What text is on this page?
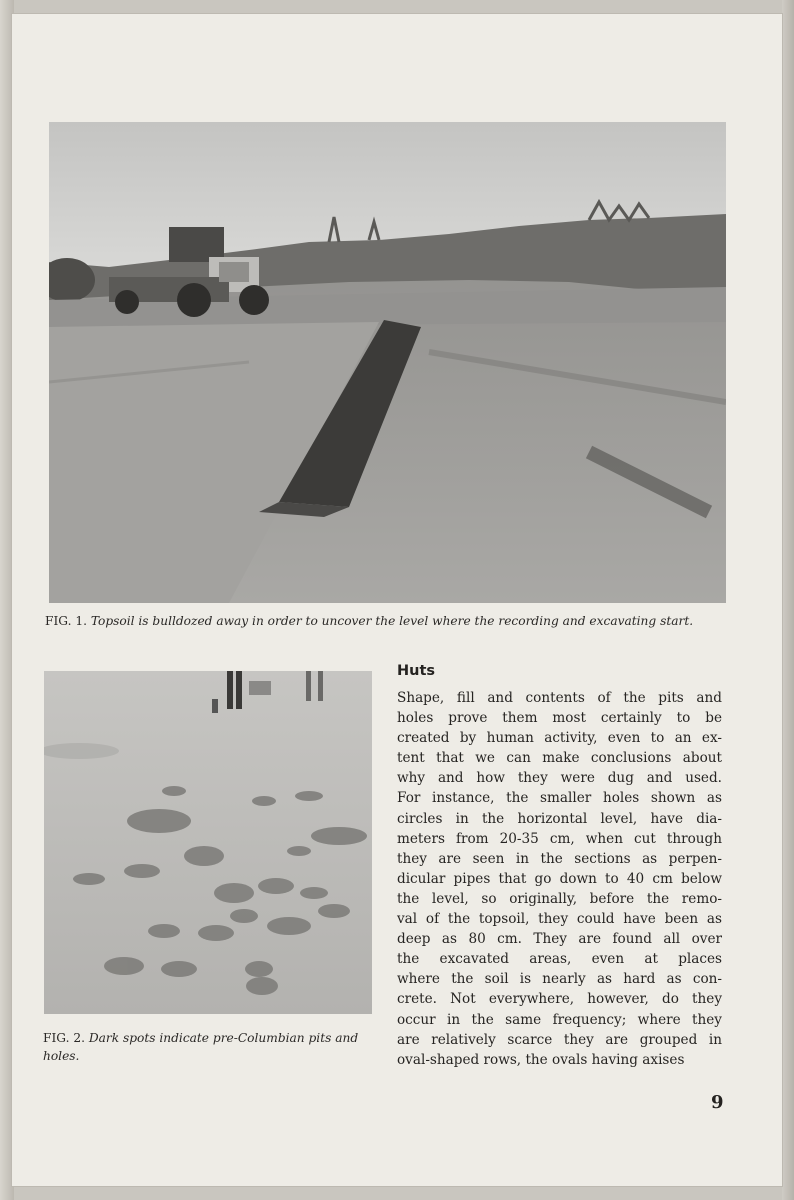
FIG. 1. Topsoil is bulldozed away in order to uncover the level where the recording and excavating start.
FIG. 2. Dark spots indicate pre-Columbian pits and holes.
Huts
Shape, fill and contents of the pits and
holes prove them most certainly to be
created by human activity, even to an ex-
tent that we can make conclusions about
why and how they were dug and used.
For instance, the smaller holes shown as
circles in the horizontal level, have dia-
meters from 20-35 cm, when cut through
they are seen in the sections as perpen-
dicular pipes that go down to 40 cm below
the level, so originally, before the remo-
val of the topsoil, they could have been as
deep as 80 cm. They are found all over
the excavated areas, even at places
where the soil is nearly as hard as con-
crete. Not everywhere, however, do they
occur in the same frequency; where they
are relatively scarce they are grouped in
oval-shaped rows, the ovals having axises
9
